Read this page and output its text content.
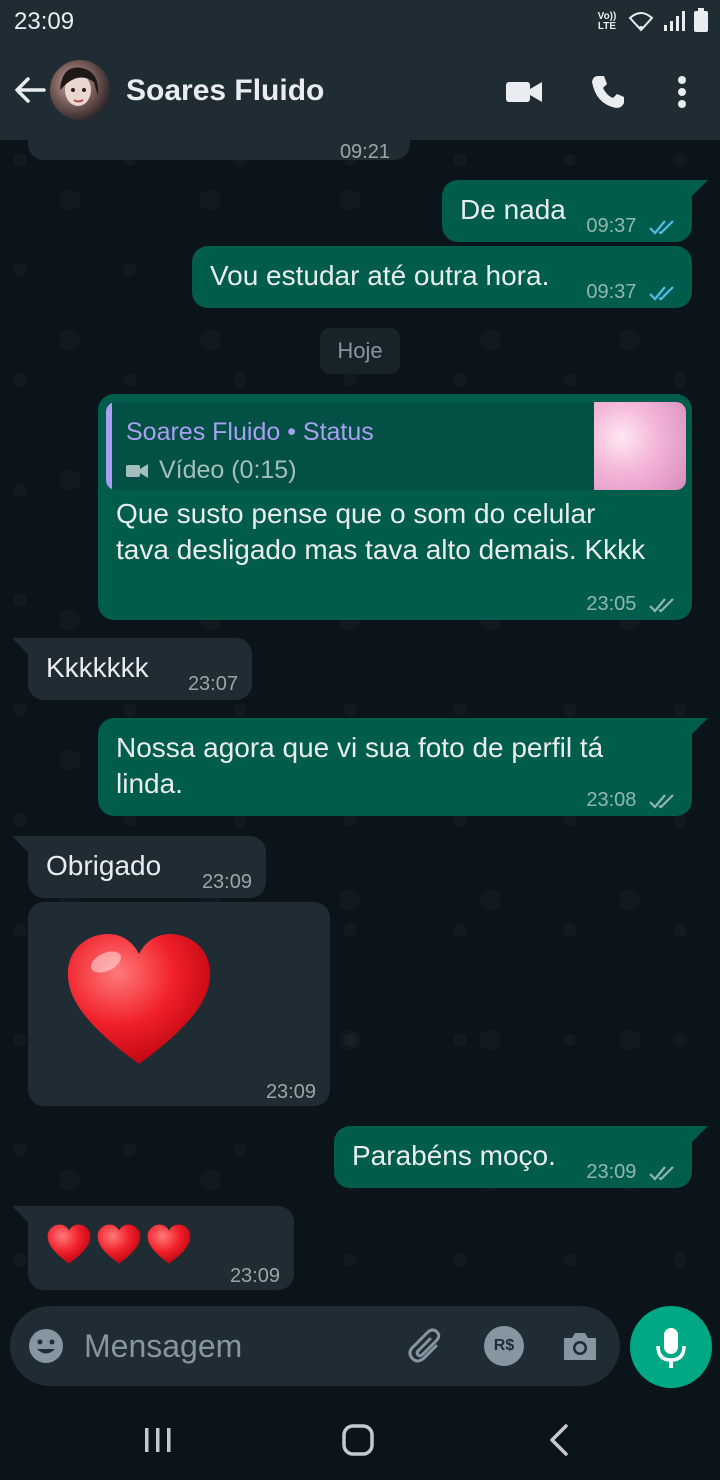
23:09	Vo)) LTE
Soares Fluido
09:21
De nada
09:37
Vou estudar até outra hora.
09:37
Hoje
Soares Fluido • Status
Vídeo (0:15)
Que susto pense que o som do celular tava desligado mas tava alto demais. Kkkk
23:05
Kkkkkkk
23:07
Nossa agora que vi sua foto de perfil tá linda.
23:08
Obrigado
23:09
23:09
Parabéns moço.
23:09
23:09
Mensagem	R$
